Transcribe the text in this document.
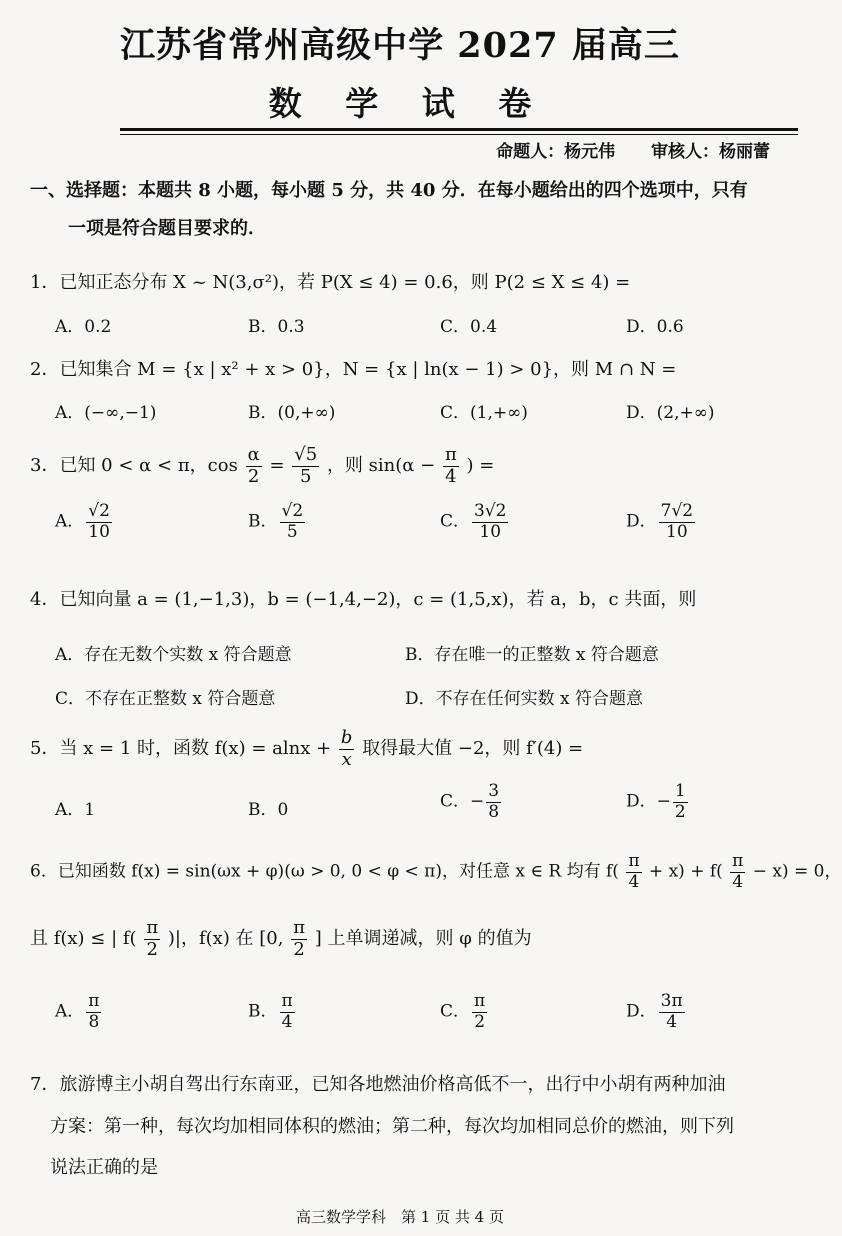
江苏省常州高级中学 2027 届高三
数 学 试 卷
命题人：杨元伟 审核人：杨丽蕾
一、选择题：本题共 8 小题，每小题 5 分，共 40 分．在每小题给出的四个选项中，只有
一项是符合题目要求的．
1．已知正态分布 X ~ N(3,σ²)，若 P(X ≤ 4) = 0.6，则 P(2 ≤ X ≤ 4) =
A．0.2	B．0.3	C．0.4	D．0.6
2．已知集合 M = {x | x² + x > 0}，N = {x | ln(x − 1) > 0}，则 M ∩ N =
A．(−∞,−1)	B．(0,+∞)	C．(1,+∞)	D．(2,+∞)
3．已知 0 < α < π，$\cos \frac{\alpha}{2} = \frac{√5}{5}$ ，则 $\sin(\alpha - \frac{\pi}{4}$ ) =
A． $\frac{√2}{10}$	B． $\frac{√2}{5}$	C． $\frac{3√2}{10}$	D． $\frac{7√2}{10}$
4．已知向量 a = (1,−1,3)，b = (−1,4,−2)，c = (1,5,x)，若 a，b，c 共面，则
A．存在无数个实数 x 符合题意	B．存在唯一的正整数 x 符合题意
C．不存在正整数 x 符合题意	D．不存在任何实数 x 符合题意
5．当 x = 1 时，函数 $f(x) = alnx + \frac{b}{x}$ 取得最大值 −2，则 f′(4) =
A．1	B．0	C．− $\frac{3}{8}$	D．− $\frac{1}{2}$
6．已知函数 f(x) = sin(ωx + φ)(ω > 0, 0 < φ < π)，对任意 x ∈ R 均有 $f( \frac{\pi}{4} + x) + f( \frac{\pi}{4} - x) = 0$，
且 f(x) ≤ | $f( \frac{\pi}{2}$ )|，f(x) 在 [0, $\frac{\pi}{2}$ ] 上单调递减，则 φ 的值为
A． $\frac{\pi}{8}$	B． $\frac{\pi}{4}$	C． $\frac{\pi}{2}$	D． $\frac{3\pi}{4}$
7．旅游博主小胡自驾出行东南亚，已知各地燃油价格高低不一，出行中小胡有两种加油
方案：第一种，每次均加相同体积的燃油；第二种，每次均加相同总价的燃油，则下列
说法正确的是
高三数学学科　第 1 页 共 4 页
